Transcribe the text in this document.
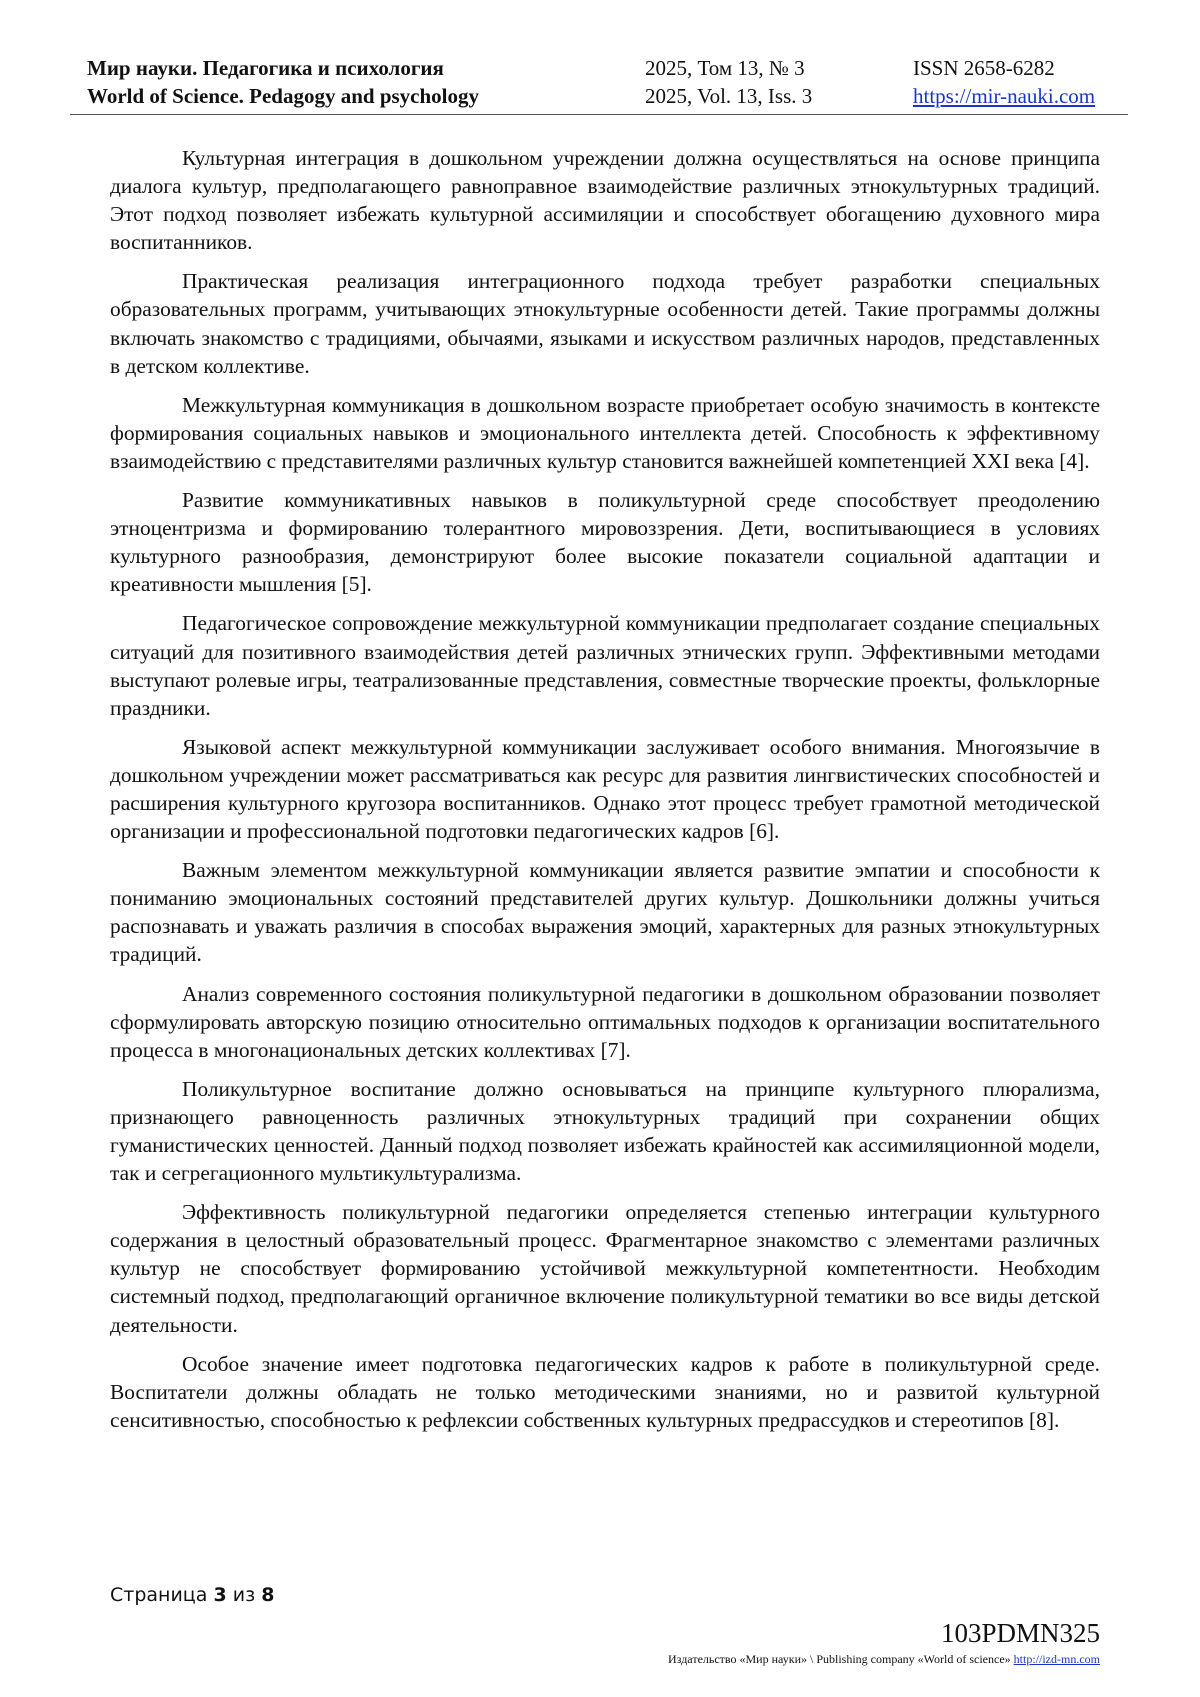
Мир науки. Педагогика и психология
World of Science. Pedagogy and psychology
2025, Том 13, № 3
2025, Vol. 13, Iss. 3
ISSN 2658-6282
https://mir-nauki.com

Культурная интеграция в дошкольном учреждении должна осуществляться на основе принципа диалога культур, предполагающего равноправное взаимодействие различных этнокультурных традиций. Этот подход позволяет избежать культурной ассимиляции и способствует обогащению духовного мира воспитанников.

Практическая реализация интеграционного подхода требует разработки специальных образовательных программ, учитывающих этнокультурные особенности детей. Такие программы должны включать знакомство с традициями, обычаями, языками и искусством различных народов, представленных в детском коллективе.

Межкультурная коммуникация в дошкольном возрасте приобретает особую значимость в контексте формирования социальных навыков и эмоционального интеллекта детей. Способность к эффективному взаимодействию с представителями различных культур становится важнейшей компетенцией XXI века [4].

Развитие коммуникативных навыков в поликультурной среде способствует преодолению этноцентризма и формированию толерантного мировоззрения. Дети, воспитывающиеся в условиях культурного разнообразия, демонстрируют более высокие показатели социальной адаптации и креативности мышления [5].

Педагогическое сопровождение межкультурной коммуникации предполагает создание специальных ситуаций для позитивного взаимодействия детей различных этнических групп. Эффективными методами выступают ролевые игры, театрализованные представления, совместные творческие проекты, фольклорные праздники.

Языковой аспект межкультурной коммуникации заслуживает особого внимания. Многоязычие в дошкольном учреждении может рассматриваться как ресурс для развития лингвистических способностей и расширения культурного кругозора воспитанников. Однако этот процесс требует грамотной методической организации и профессиональной подготовки педагогических кадров [6].

Важным элементом межкультурной коммуникации является развитие эмпатии и способности к пониманию эмоциональных состояний представителей других культур. Дошкольники должны учиться распознавать и уважать различия в способах выражения эмоций, характерных для разных этнокультурных традиций.

Анализ современного состояния поликультурной педагогики в дошкольном образовании позволяет сформулировать авторскую позицию относительно оптимальных подходов к организации воспитательного процесса в многонациональных детских коллективах [7].

Поликультурное воспитание должно основываться на принципе культурного плюрализма, признающего равноценность различных этнокультурных традиций при сохранении общих гуманистических ценностей. Данный подход позволяет избежать крайностей как ассимиляционной модели, так и сегрегационного мультикультурализма.

Эффективность поликультурной педагогики определяется степенью интеграции культурного содержания в целостный образовательный процесс. Фрагментарное знакомство с элементами различных культур не способствует формированию устойчивой межкультурной компетентности. Необходим системный подход, предполагающий органичное включение поликультурной тематики во все виды детской деятельности.

Особое значение имеет подготовка педагогических кадров к работе в поликультурной среде. Воспитатели должны обладать не только методическими знаниями, но и развитой культурной сенситивностью, способностью к рефлексии собственных культурных предрассудков и стереотипов [8].

Страница 3 из 8
103PDMN325
Издательство «Мир науки» \ Publishing company «World of science» http://izd-mn.com
